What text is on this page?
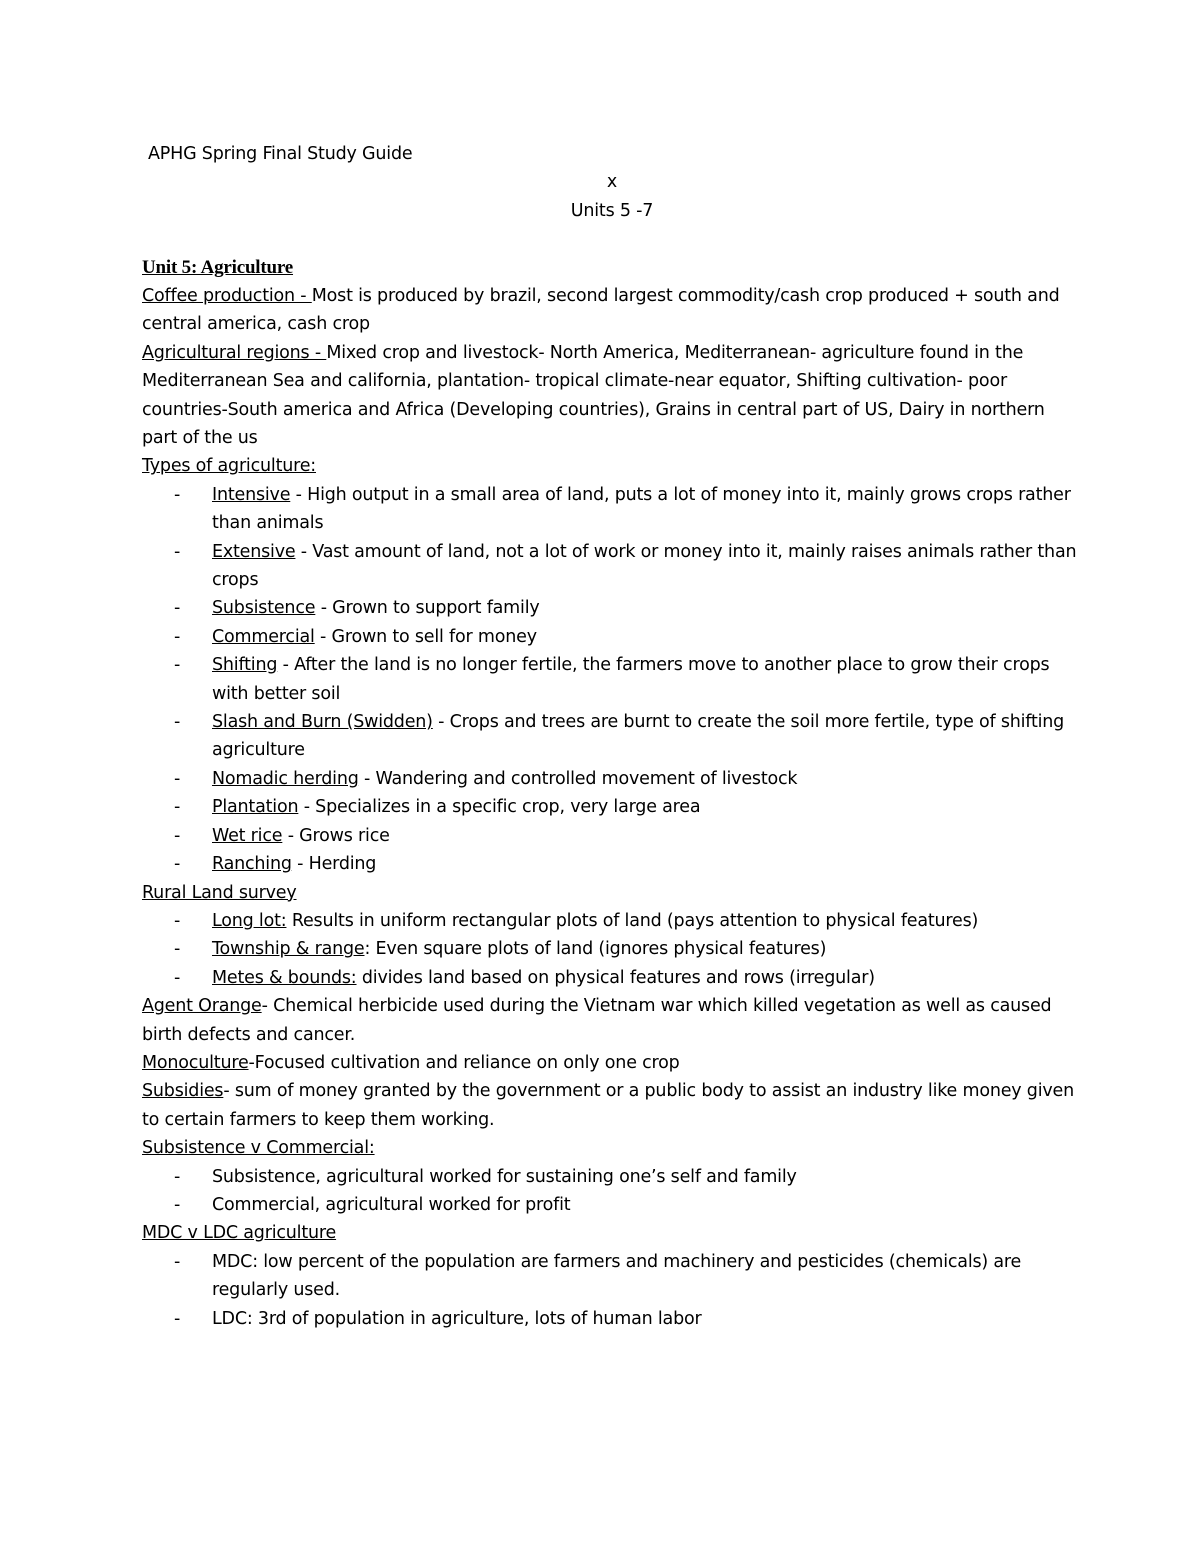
APHG Spring Final Study Guide
x
Units 5 -7
Unit 5: Agriculture

Coffee production - Most is produced by brazil, second largest commodity/cash crop produced + south and central america, cash crop

Agricultural regions - Mixed crop and livestock- North America, Mediterranean- agriculture found in the Mediterranean Sea and california, plantation- tropical climate-near equator, Shifting cultivation- poor countries-South america and Africa (Developing countries), Grains in central part of US, Dairy in northern part of the us

Types of agriculture:
- Intensive - High output in a small area of land, puts a lot of money into it, mainly grows crops rather than animals
- Extensive - Vast amount of land, not a lot of work or money into it, mainly raises animals rather than crops
- Subsistence - Grown to support family
- Commercial - Grown to sell for money
- Shifting - After the land is no longer fertile, the farmers move to another place to grow their crops with better soil
- Slash and Burn (Swidden) - Crops and trees are burnt to create the soil more fertile, type of shifting agriculture
- Nomadic herding - Wandering and controlled movement of livestock
- Plantation - Specializes in a specific crop, very large area
- Wet rice - Grows rice
- Ranching - Herding
Rural Land survey
- Long lot: Results in uniform rectangular plots of land (pays attention to physical features)
- Township & range: Even square plots of land (ignores physical features)
- Metes & bounds: divides land based on physical features and rows (irregular)

Agent Orange- Chemical herbicide used during the Vietnam war which killed vegetation as well as caused birth defects and cancer.

Monoculture-Focused cultivation and reliance on only one crop

Subsidies- sum of money granted by the government or a public body to assist an industry like money given to certain farmers to keep them working.

Subsistence v Commercial:
- Subsistence, agricultural worked for sustaining one’s self and family
- Commercial, agricultural worked for profit
MDC v LDC agriculture
- MDC: low percent of the population are farmers and machinery and pesticides (chemicals) are regularly used.
- LDC: 3rd of population in agriculture, lots of human labor
